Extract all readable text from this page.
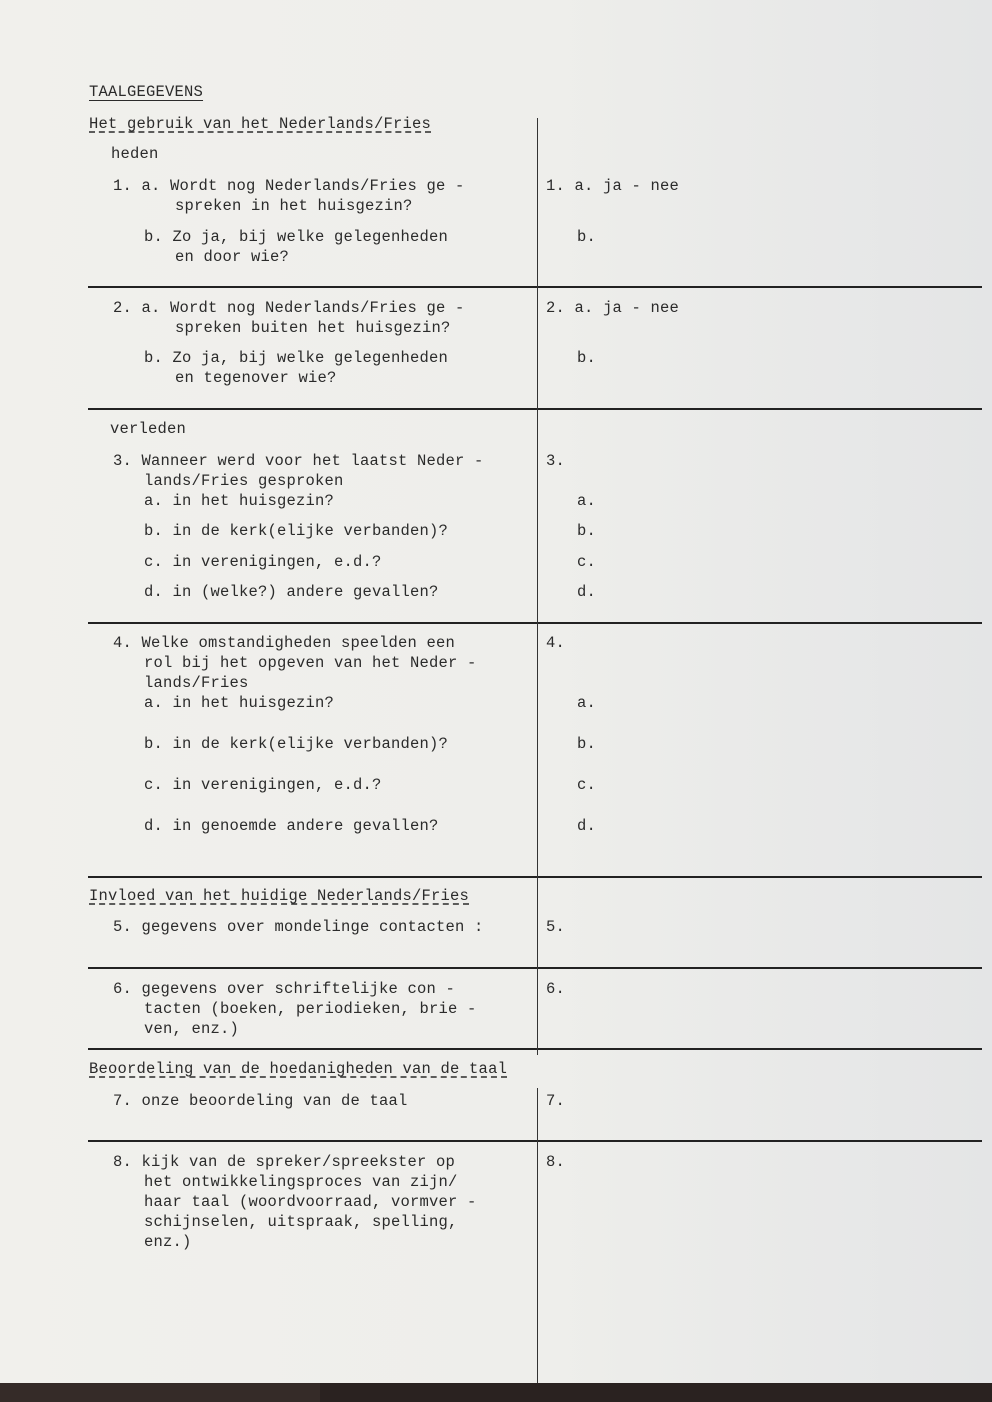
TAALGEGEVENS
Het gebruik van het Nederlands/Fries
heden
1. a. Wordt nog Nederlands/Fries ge -
spreken in het huisgezin?
b. Zo ja, bij welke gelegenheden
en door wie?
1. a. ja - nee
b.
2. a. Wordt nog Nederlands/Fries ge -
spreken buiten het huisgezin?
b. Zo ja, bij welke gelegenheden
en tegenover wie?
2. a. ja - nee
b.
verleden
3. Wanneer werd voor het laatst Neder -
lands/Fries gesproken
a. in het huisgezin?
b. in de kerk(elijke verbanden)?
c. in verenigingen, e.d.?
d. in (welke?) andere gevallen?
3.
a.
b.
c.
d.
4. Welke omstandigheden speelden een
rol bij het opgeven van het Neder -
lands/Fries
a. in het huisgezin?
b. in de kerk(elijke verbanden)?
c. in verenigingen, e.d.?
d. in genoemde andere gevallen?
4.
a.
b.
c.
d.
Invloed van het huidige Nederlands/Fries
5. gegevens over mondelinge contacten :	5.
6. gegevens over schriftelijke con -
tacten (boeken, periodieken, brie -
ven, enz.)
6.
Beoordeling van de hoedanigheden van de taal
7. onze beoordeling van de taal	7.
8. kijk van de spreker/spreekster op
het ontwikkelingsproces van zijn/
haar taal (woordvoorraad, vormver -
schijnselen, uitspraak, spelling,
enz.)
8.
